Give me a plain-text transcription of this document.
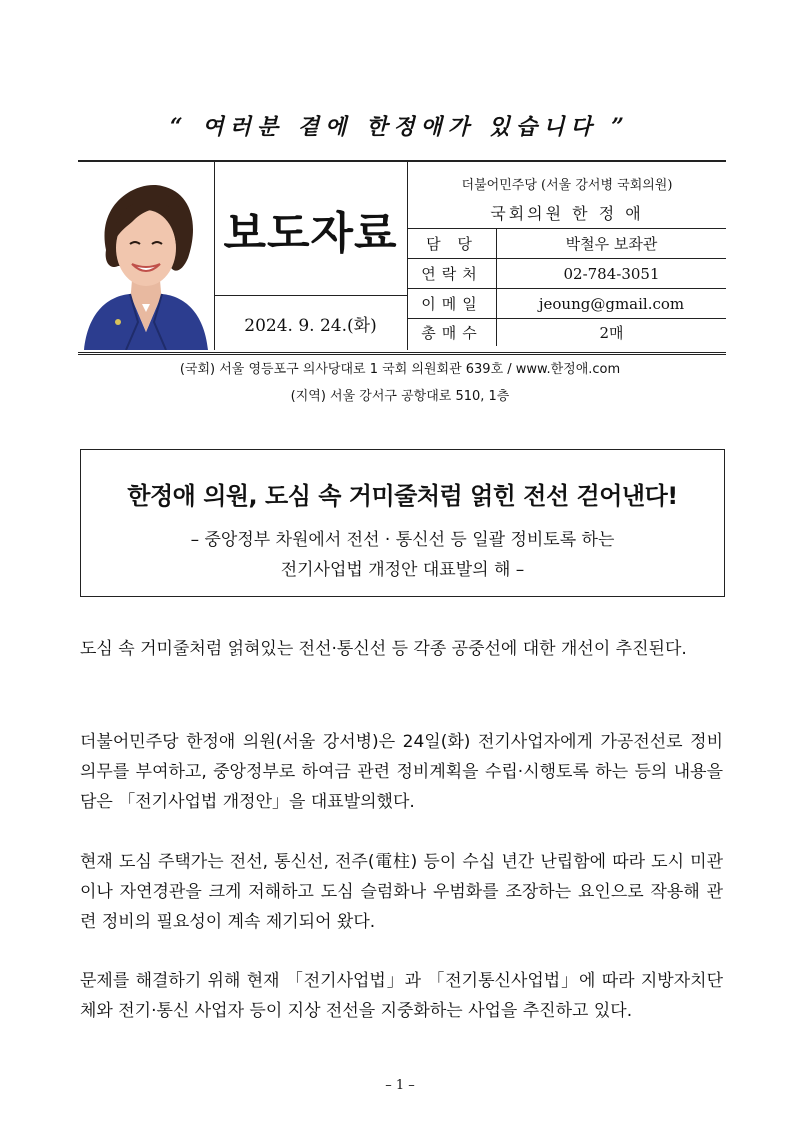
“ 여러분 곁에 한정애가 있습니다 ”
보도자료
2024. 9. 24.(화)
더불어민주당 (서울 강서병 국회의원)
국회의원 한 정 애
담 당	박철우 보좌관
연락처	02-784-3051
이메일	jeoung@gmail.com
총매수	2매
(국회) 서울 영등포구 의사당대로 1 국회 의원회관 639호 / www.한정애.com
(지역) 서울 강서구 공항대로 510, 1층
한정애 의원, 도심 속 거미줄처럼 얽힌 전선 걷어낸다!
– 중앙정부 차원에서 전선 · 통신선 등 일괄 정비토록 하는
전기사업법 개정안 대표발의 해 –
도심 속 거미줄처럼 얽혀있는 전선·통신선 등 각종 공중선에 대한 개선이 추진된다.
더불어민주당 한정애 의원(서울 강서병)은 24일(화) 전기사업자에게 가공전선로 정비의무를 부여하고, 중앙정부로 하여금 관련 정비계획을 수립·시행토록 하는 등의 내용을 담은 「전기사업법 개정안」을 대표발의했다.
현재 도심 주택가는 전선, 통신선, 전주(電柱) 등이 수십 년간 난립함에 따라 도시 미관이나 자연경관을 크게 저해하고 도심 슬럼화나 우범화를 조장하는 요인으로 작용해 관련 정비의 필요성이 계속 제기되어 왔다.
문제를 해결하기 위해 현재 「전기사업법」과 「전기통신사업법」에 따라 지방자치단체와 전기·통신 사업자 등이 지상 전선을 지중화하는 사업을 추진하고 있다.
– 1 –
